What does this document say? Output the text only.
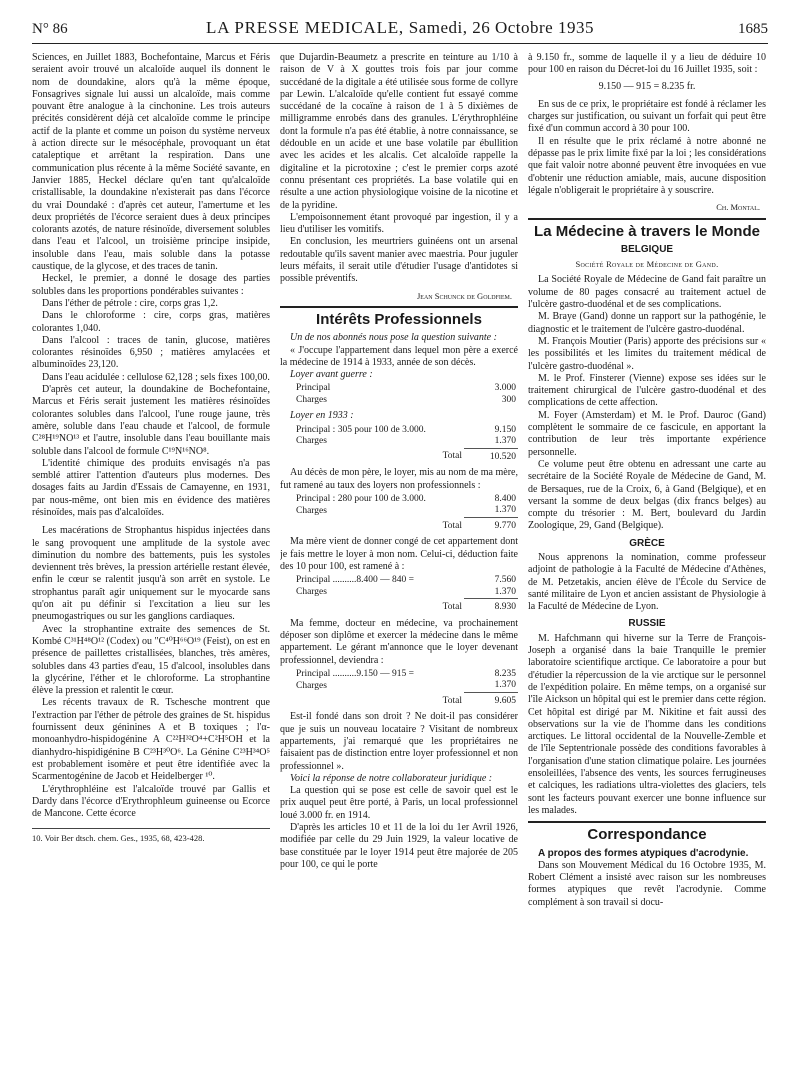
N° 86	LA PRESSE MEDICALE, Samedi, 26 Octobre 1935	1685

Sciences, en Juillet 1883, Bochefontaine, Marcus et Féris seraient avoir trouvé un alcaloïde auquel ils donnent le nom de doundakine, alors qu'à la même époque, Fonsagrives signale lui aussi un alcaloïde, mais comme pouvant être analogue à la cinchonine. Les trois auteurs précités considèrent déjà cet alcaloïde comme le principe actif de la plante et comme un poison du système nerveux à action directe sur le mésocéphale, provoquant un état cataleptique et arrêtant la respiration. Dans une communication plus récente à la même Société savante, en Janvier 1885, Heckel déclare qu'en tant qu'alcaloïde cristallisable, la doundakine n'existerait pas dans l'écorce du vrai Doundaké : d'après cet auteur, l'amertume et les deux propriétés de l'écorce seraient dues à deux principes colorants azotés, de nature résinoïde, diversement solubles dans l'eau et l'alcool, un troisième principe insipide, insoluble dans l'eau, mais soluble dans la potasse caustique, de la glycose, et des traces de tanin.

Heckel, le premier, a donné le dosage des parties solubles dans les proportions pondérables suivantes :

Dans l'éther de pétrole : cire, corps gras 1,2.

Dans le chloroforme : cire, corps gras, matières colorantes 1,040.

Dans l'alcool : traces de tanin, glucose, matières colorantes résinoïdes 6,950 ; matières amylacées et albuminoïdes 23,120.

Dans l'eau acidulée : cellulose 62,128 ; sels fixes 100,00.

D'après cet auteur, la doundakine de Bochefontaine, Marcus et Féris serait justement les matières résinoïdes colorantes solubles dans l'alcool, l'une rouge jaune, très amère, soluble dans l'eau chaude et l'alcool, de formule C²⁸H¹⁹NO¹³ et l'autre, insoluble dans l'eau bouillante mais soluble dans l'alcool de formule C¹⁹N¹⁶NO⁸.

L'identité chimique des produits envisagés n'a pas semblé attirer l'attention d'auteurs plus modernes. Des dosages faits au Jardin d'Essais de Camayenne, en 1931, par nous-même, ont bien mis en évidence des matières résinoïdes, mais pas d'alcaloïdes.

Les macérations de Strophantus hispidus injectées dans le sang provoquent une amplitude de la systole avec diminution du nombre des battements, puis les systoles deviennent très brèves, la pression artérielle restant élevée, enfin le cœur se ralentit jusqu'à son arrêt en systole. Le strophantus paraît agir uniquement sur le myocarde sans qu'on ait pu définir si l'excitation a lieu sur les pneumogastriques ou sur les ganglions cardiaques.

Avec la strophantine extraite des semences de St. Kombé C³¹H⁴⁸O¹² (Codex) ou "C⁴⁰H⁶⁶O¹⁹ (Feist), on est en présence de paillettes cristallisées, blanches, très amères, solubles dans 43 parties d'eau, 15 d'alcool, insolubles dans la glycérine, l'éther et le chloroforme. La strophantine élève la pression et ralentit le cœur.

Les récents travaux de R. Tschesche montrent que l'extraction par l'éther de pétrole des graines de St. hispidus fournissent deux géninines A et B toxiques ; l'α-monoanhydro-hispidogénine A C²²H³²O⁴+C²H⁵OH et la dianhydro-hispidigénine B C²³H³⁰O⁶. La Génine C²³H³⁴O⁵ est probablement isomère et peut être identifiée avec la Scarmentogénine de Jacob et Heidelberger ¹⁰.

L'érythrophléine est l'alcaloïde trouvé par Gallis et Dardy dans l'écorce d'Erythrophleum guineense ou Ecorce de Mancone. Cette écorce

10. Voir Ber dtsch. chem. Ges., 1935, 68, 423-428.

que Dujardin-Beaumetz a prescrite en teinture au 1/10 à raison de V à X gouttes trois fois par jour comme succédané de la digitale a été utilisée sous forme de collyre par Lewin. L'alcaloïde qu'elle contient fut essayé comme succédané de la cocaïne à raison de 1 à 5 dixièmes de milligramme enrobés dans des granules. L'érythrophléine dont la formule n'a pas été établie, à notre connaissance, se dédouble en un acide et une base volatile par ébullition avec les acides et les alcalis. Cet alcaloïde rappelle la digitaline et la picrotoxine ; c'est le premier corps azoté connu présentant ces propriétés. La base volatile qui en résulte a une action physiologique voisine de la nicotine et de la pyridine.

L'empoisonnement étant provoqué par ingestion, il y a lieu d'utiliser les vomitifs.

En conclusion, les meurtriers guinéens ont un arsenal redoutable qu'ils savent manier avec maestria. Pour juguler leurs méfaits, il serait utile d'étudier l'usage d'antidotes si possible préventifs.

Jean Schunck de Goldfiem.
Intérêts Professionnels

Un de nos abonnés nous pose la question suivante :

« J'occupe l'appartement dans lequel mon père a exercé la médecine de 1914 à 1933, année de son décès.

Loyer avant guerre :

Principal	3.000
Charges	300

Loyer en 1933 :

Principal : 305 pour 100 de 3.000.	9.150
Charges	1.370
Total	10.520

Au décès de mon père, le loyer, mis au nom de ma mère, fut ramené au taux des loyers non professionnels :

Principal : 280 pour 100 de 3.000.	8.400
Charges	1.370
Total	9.770

Ma mère vient de donner congé de cet appartement dont je fais mettre le loyer à mon nom. Celui-ci, déduction faite des 10 pour 100, est ramené à :

Principal ..........8.400 — 840 =	7.560
Charges	1.370
Total	8.930

Ma femme, docteur en médecine, va prochainement déposer son diplôme et exercer la médecine dans le même appartement. Le gérant m'annonce que le loyer devenant professionnel, deviendra :

Principal ..........9.150 — 915 =	8.235
Charges	1.370
Total	9.605

Est-il fondé dans son droit ? Ne doit-il pas considérer que je suis un nouveau locataire ? Visitant de nombreux appartements, j'ai remarqué que les propriétaires ne faisaient pas de distinction entre loyer professionnel et non professionnel ».

Voici la réponse de notre collaborateur juridique :

La question qui se pose est celle de savoir quel est le prix auquel peut être porté, à Paris, un local professionnel loué 3.000 fr. en 1914.

D'après les articles 10 et 11 de la loi du 1er Avril 1926, modifiée par celle du 29 Juin 1929, la valeur locative de base constituée par le loyer 1914 peut être majorée de 205 pour 100, ce qui le porte

à 9.150 fr., somme de laquelle il y a lieu de déduire 10 pour 100 en raison du Décret-loi du 16 Juillet 1935, soit :

9.150 — 915 = 8.235 fr.

En sus de ce prix, le propriétaire est fondé à réclamer les charges sur justification, ou suivant un forfait qui peut être fixé d'un commun accord à 30 pour 100.

Il en résulte que le prix réclamé à notre abonné ne dépasse pas le prix limite fixé par la loi ; les considérations que fait valoir notre abonné peuvent être invoquées en vue d'obtenir une réduction amiable, mais, aucune disposition légale n'obligerait le propriétaire à y souscrire.

Ch. Montal.
La Médecine à travers le Monde
BELGIQUE
Société Royale de Médecine de Gand.

La Société Royale de Médecine de Gand fait paraître un volume de 80 pages consacré au traitement actuel de l'ulcère gastro-duodénal et de ses complications.

M. Braye (Gand) donne un rapport sur la pathogénie, le diagnostic et le traitement de l'ulcère gastro-duodénal.

M. François Moutier (Paris) apporte des précisions sur « les possibilités et les limites du traitement médical de l'ulcère gastro-duodénal ».

M. le Prof. Finsterer (Vienne) expose ses idées sur le traitement chirurgical de l'ulcère gastro-duodénal et des complications de cette affection.

M. Foyer (Amsterdam) et M. le Prof. Dauroc (Gand) complètent le sommaire de ce fascicule, en apportant la contribution de leur très importante expérience personnelle.

Ce volume peut être obtenu en adressant une carte au secrétaire de la Société Royale de Médecine de Gand, M. de Bersaques, rue de la Croix, 6, à Gand (Belgique), et en versant la somme de deux belgas (dix francs belges) au compte du trésorier : M. Bert, boulevard du Jardin Zoologique, 29, Gand (Belgique).

GRÈCE

Nous apprenons la nomination, comme professeur adjoint de pathologie à la Faculté de Médecine d'Athènes, de M. Petzetakis, ancien élève de l'École du Service de santé militaire de Lyon et ancien assistant de Physiologie à la Faculté de Médecine de Lyon.

RUSSIE

M. Hafchmann qui hiverne sur la Terre de François-Joseph a organisé dans la baie Tranquille le premier laboratoire scientifique arctique. Ce laboratoire a pour but d'étudier la répercussion de la vie arctique sur le personnel de l'expédition polaire. En même temps, on a organisé sur l'île Aickson un hôpital qui est le premier dans cette région. Cet hôpital est dirigé par M. Nikitine et fait aussi des observations sur la vie de l'homme dans les conditions arctiques. Le littoral occidental de la Nouvelle-Zemble et de l'île Septentrionale possède des conditions favorables à l'organisation d'une station climatique polaire. Les journées ensoleillées, l'absence des vents, les sources ferrugineuses et calciques, les radiations ultra-violettes des glaciers, tels sont les facteurs pouvant exercer une bonne influence sur les malades.

Correspondance

A propos des formes atypiques d'acrodynie.

Dans son Mouvement Médical du 16 Octobre 1935, M. Robert Clément a insisté avec raison sur les nombreuses formes atypiques que revêt l'acrodynie. Comme complément à son travail si docu-
